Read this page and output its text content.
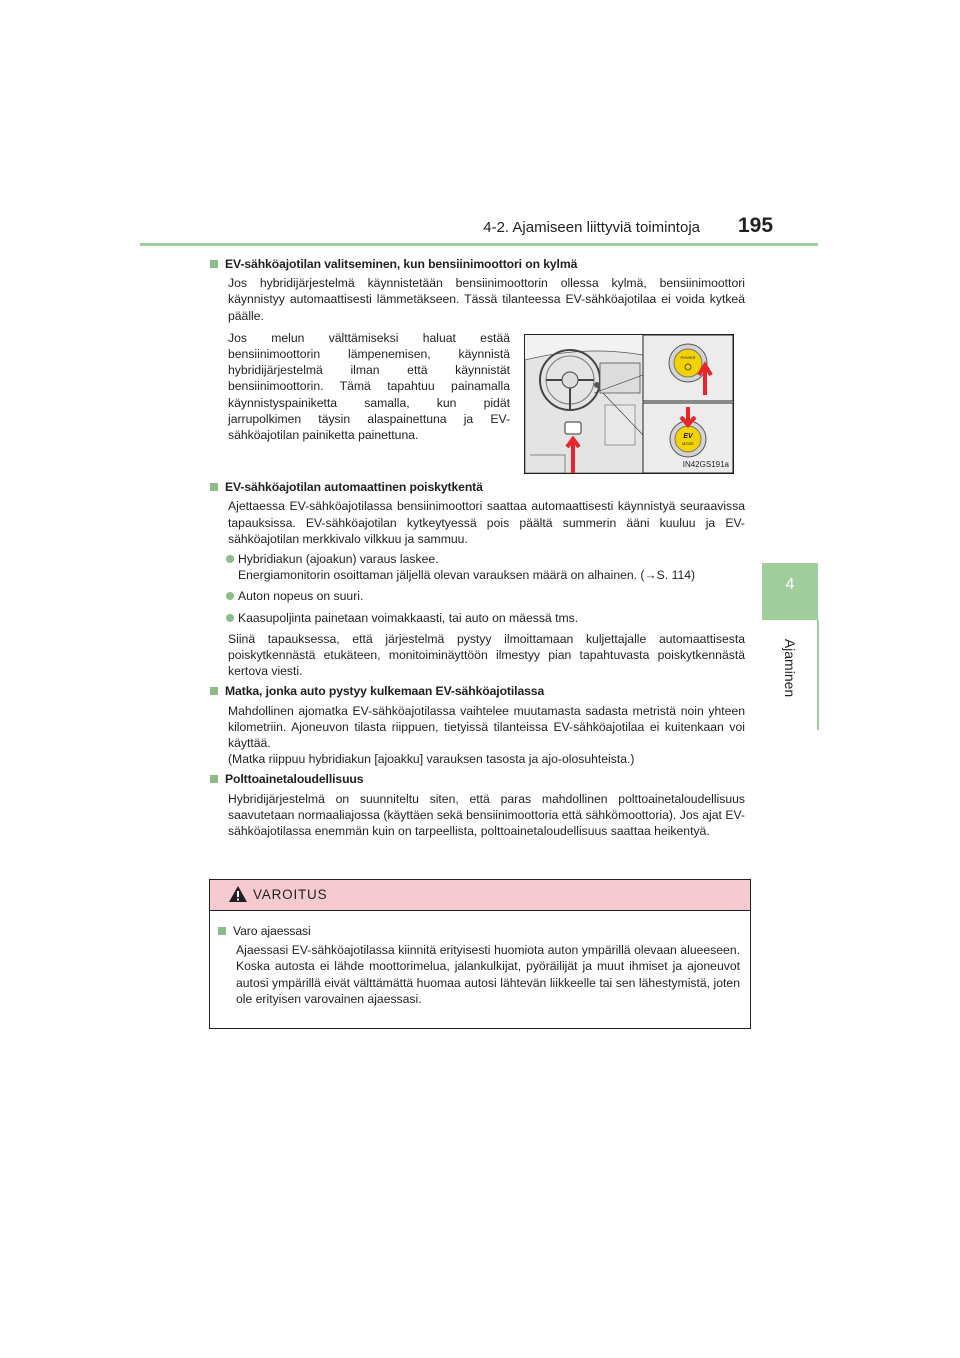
4-2. Ajamiseen liittyviä toimintoja 195
4
Ajaminen
EV-sähköajotilan valitseminen, kun bensiinimoottori on kylmä
Jos hybridijärjestelmä käynnistetään bensiinimoottorin ollessa kylmä, bensiinimoottori käynnistyy automaattisesti lämmetäkseen. Tässä tilanteessa EV-sähköajotilaa ei voida kytkeä päälle.
Jos melun välttämiseksi haluat estää bensiinimoottorin lämpenemisen, käynnistä hybridijärjestelmä ilman että käynnistät bensiinimoottorin. Tämä tapahtuu painamalla käynnistyspainiketta samalla, kun pidät jarrupolkimen täysin alaspainettuna ja EV-sähköajotilan painiketta painettuna.
EV-sähköajotilan automaattinen poiskytkentä
Ajettaessa EV-sähköajotilassa bensiinimoottori saattaa automaattisesti käynnistyä seuraavissa tapauksissa. EV-sähköajotilan kytkeytyessä pois päältä summerin ääni kuuluu ja EV-sähköajotilan merkkivalo vilkkuu ja sammuu.
Hybridiakun (ajoakun) varaus laskee.
Energiamonitorin osoittaman jäljellä olevan varauksen määrä on alhainen. (→S. 114)
Auton nopeus on suuri.
Kaasupoljinta painetaan voimakkaasti, tai auto on mäessä tms.
Siinä tapauksessa, että järjestelmä pystyy ilmoittamaan kuljettajalle automaattisesta poiskytkennästä etukäteen, monitoiminäyttöön ilmestyy pian tapahtuvasta poiskytkennästä kertova viesti.
Matka, jonka auto pystyy kulkemaan EV-sähköajotilassa
Mahdollinen ajomatka EV-sähköajotilassa vaihtelee muutamasta sadasta metristä noin yhteen kilometriin. Ajoneuvon tilasta riippuen, tietyissä tilanteissa EV-sähköajotilaa ei kuitenkaan voi käyttää.
(Matka riippuu hybridiakun [ajoakku] varauksen tasosta ja ajo-olosuhteista.)
Polttoainetaloudellisuus
Hybridijärjestelmä on suunniteltu siten, että paras mahdollinen polttoainetaloudellisuus saavutetaan normaaliajossa (käyttäen sekä bensiinimoottoria että sähkömoottoria). Jos ajat EV-sähköajotilassa enemmän kuin on tarpeellista, polttoainetaloudellisuus saattaa heikentyä.
POWER
EV
MODE
IN42GS191a
VAROITUS
Varo ajaessasi
Ajaessasi EV-sähköajotilassa kiinnitä erityisesti huomiota auton ympärillä olevaan alueeseen. Koska autosta ei lähde moottorimelua, jalankulkijat, pyöräilijät ja muut ihmiset ja ajoneuvot autosi ympärillä eivät välttämättä huomaa autosi lähtevän liikkeelle tai sen lähestymistä, joten ole erityisen varovainen ajaessasi.
